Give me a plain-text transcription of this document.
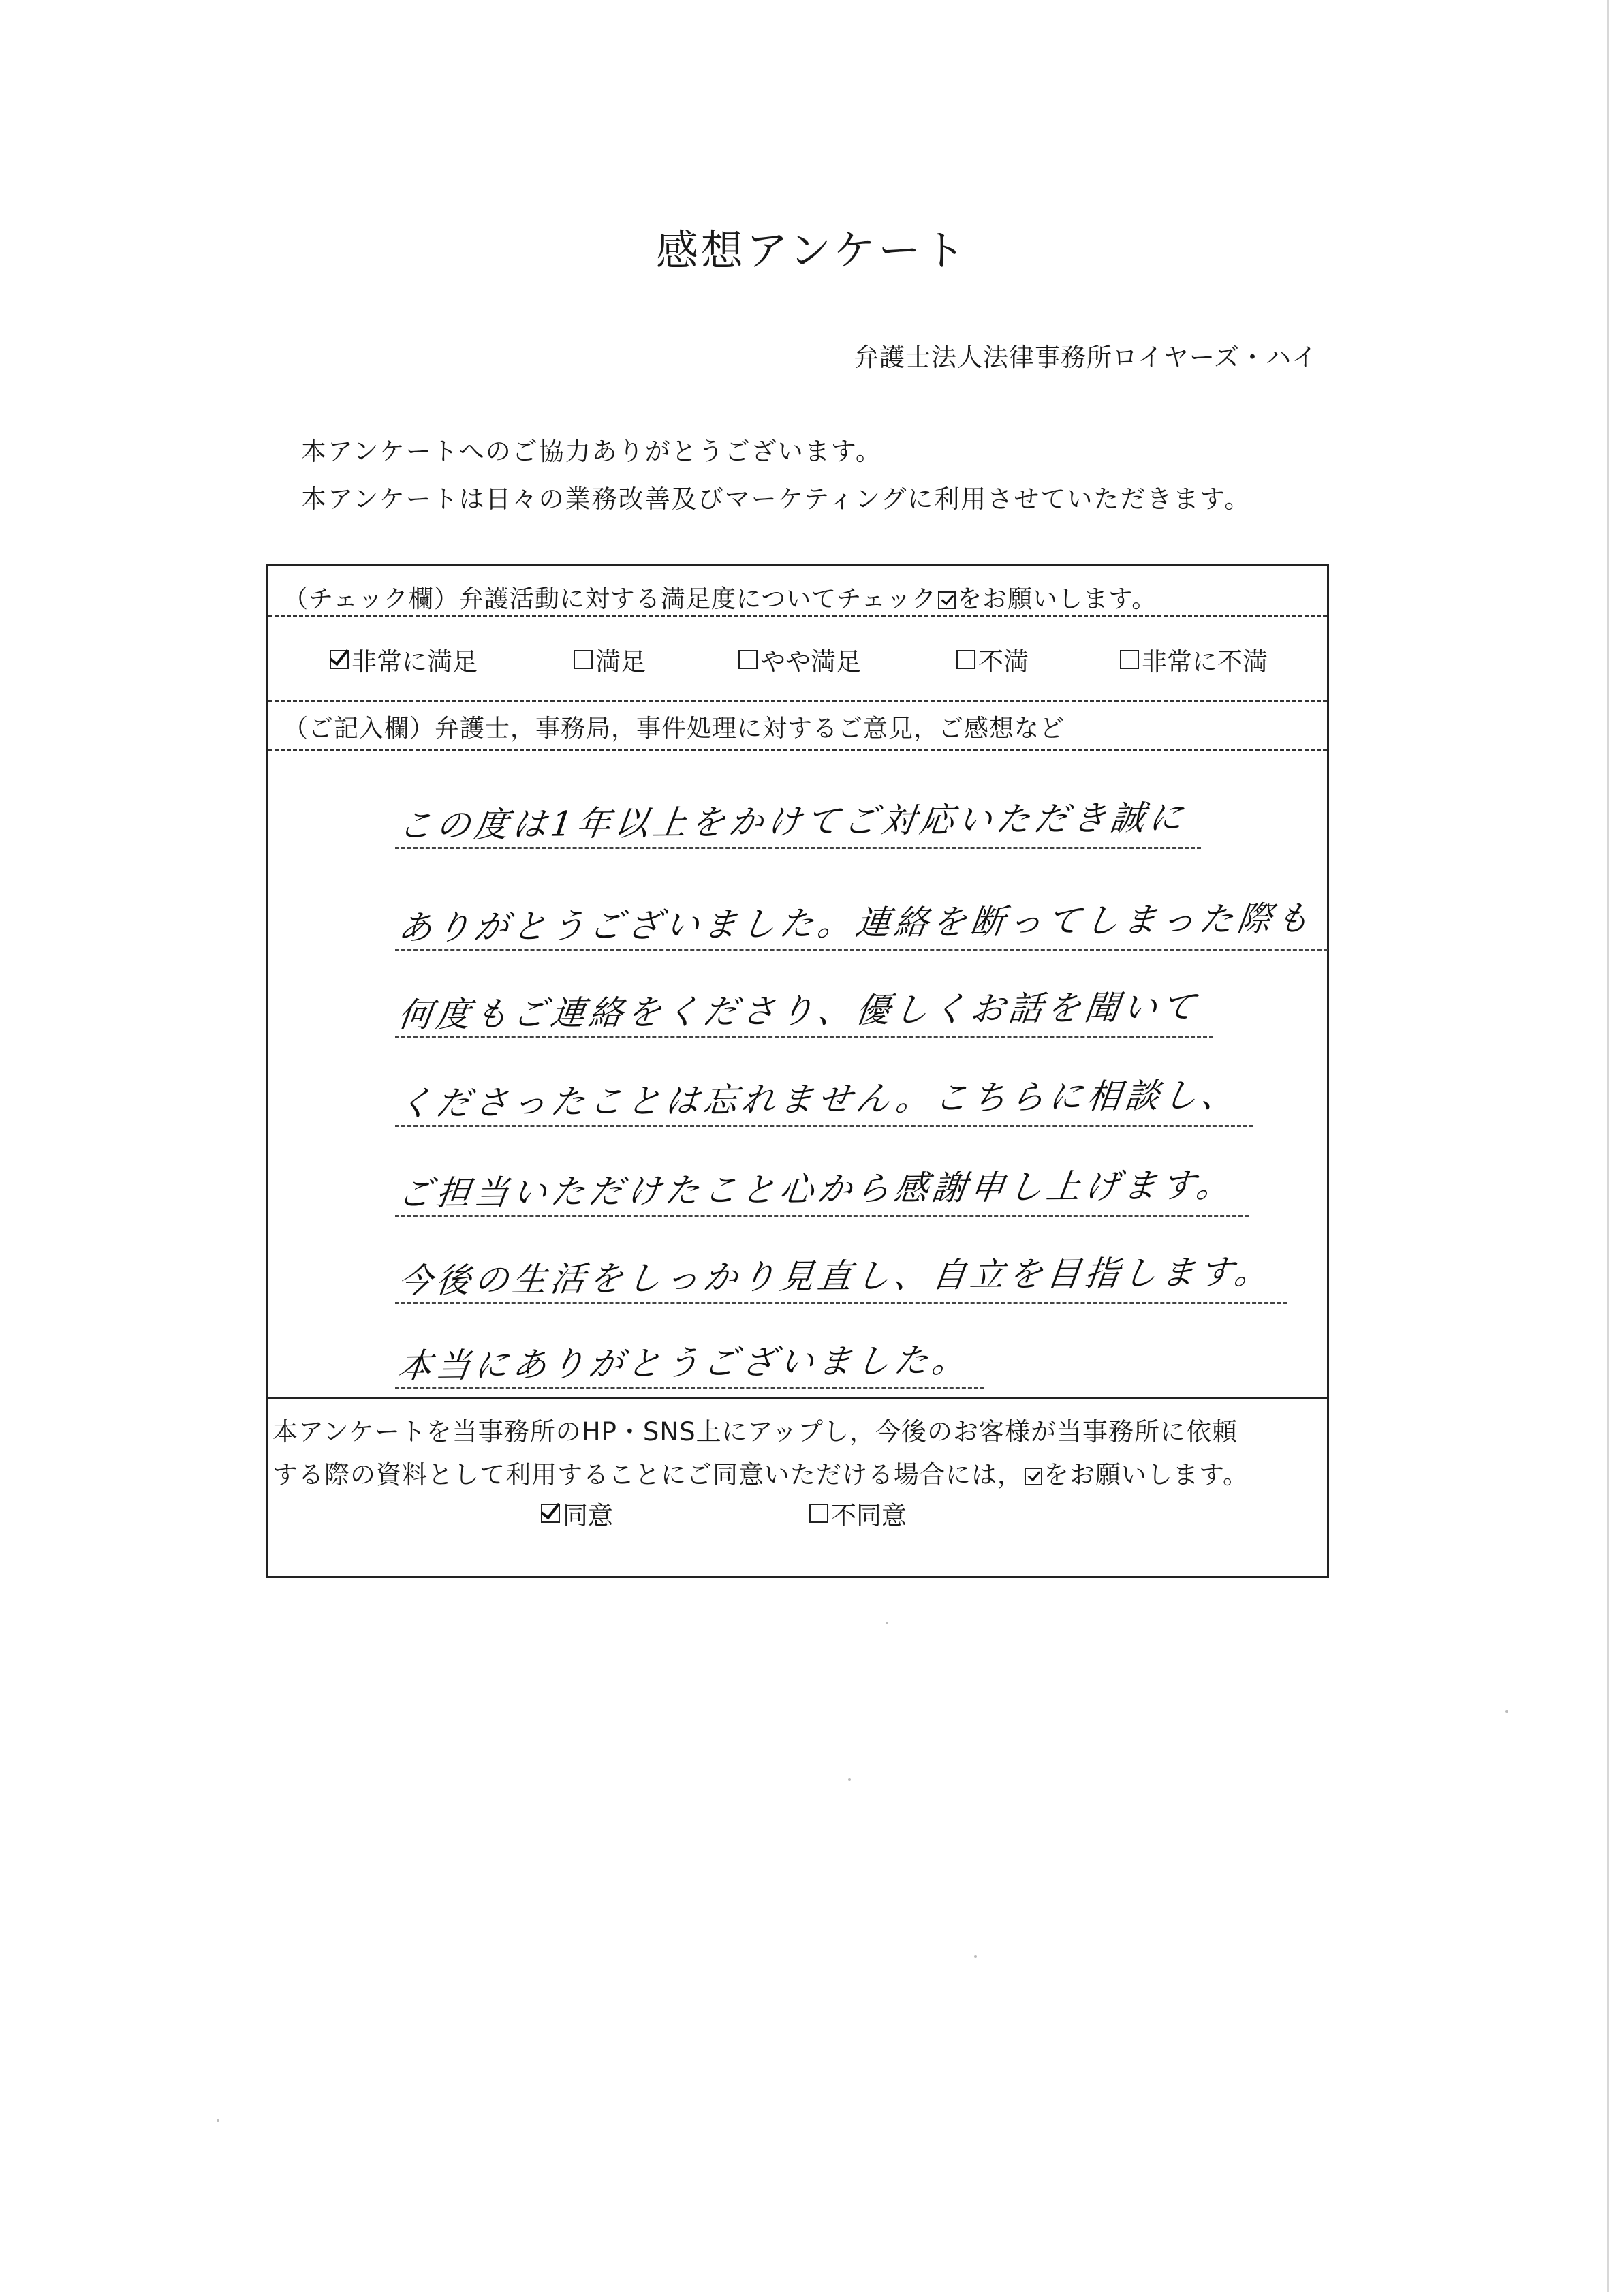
感想アンケート
弁護士法人法律事務所ロイヤーズ・ハイ
本アンケートへのご協力ありがとうございます。
本アンケートは日々の業務改善及びマーケティングに利用させていただきます。
（チェック欄）弁護活動に対する満足度についてチェック をお願いします。
非常に満足	満足	やや満足	不満	非常に不満
（ご記入欄）弁護士，事務局，事件処理に対するご意見，ご感想など
本アンケートを当事務所のHP・SNS上にアップし，今後のお客様が当事務所に依頼
する際の資料として利用することにご同意いただける場合には， をお願いします。
同意	不同意
この度は1年以上をかけてご対応いただき誠に
ありがとうございました。連絡を断ってしまった際も
何度もご連絡をくださり、優しくお話を聞いて
くださったことは忘れません。こちらに相談し、
ご担当いただけたこと心から感謝申し上げます。
今後の生活をしっかり見直し、自立を目指します。
本当にありがとうございました。
